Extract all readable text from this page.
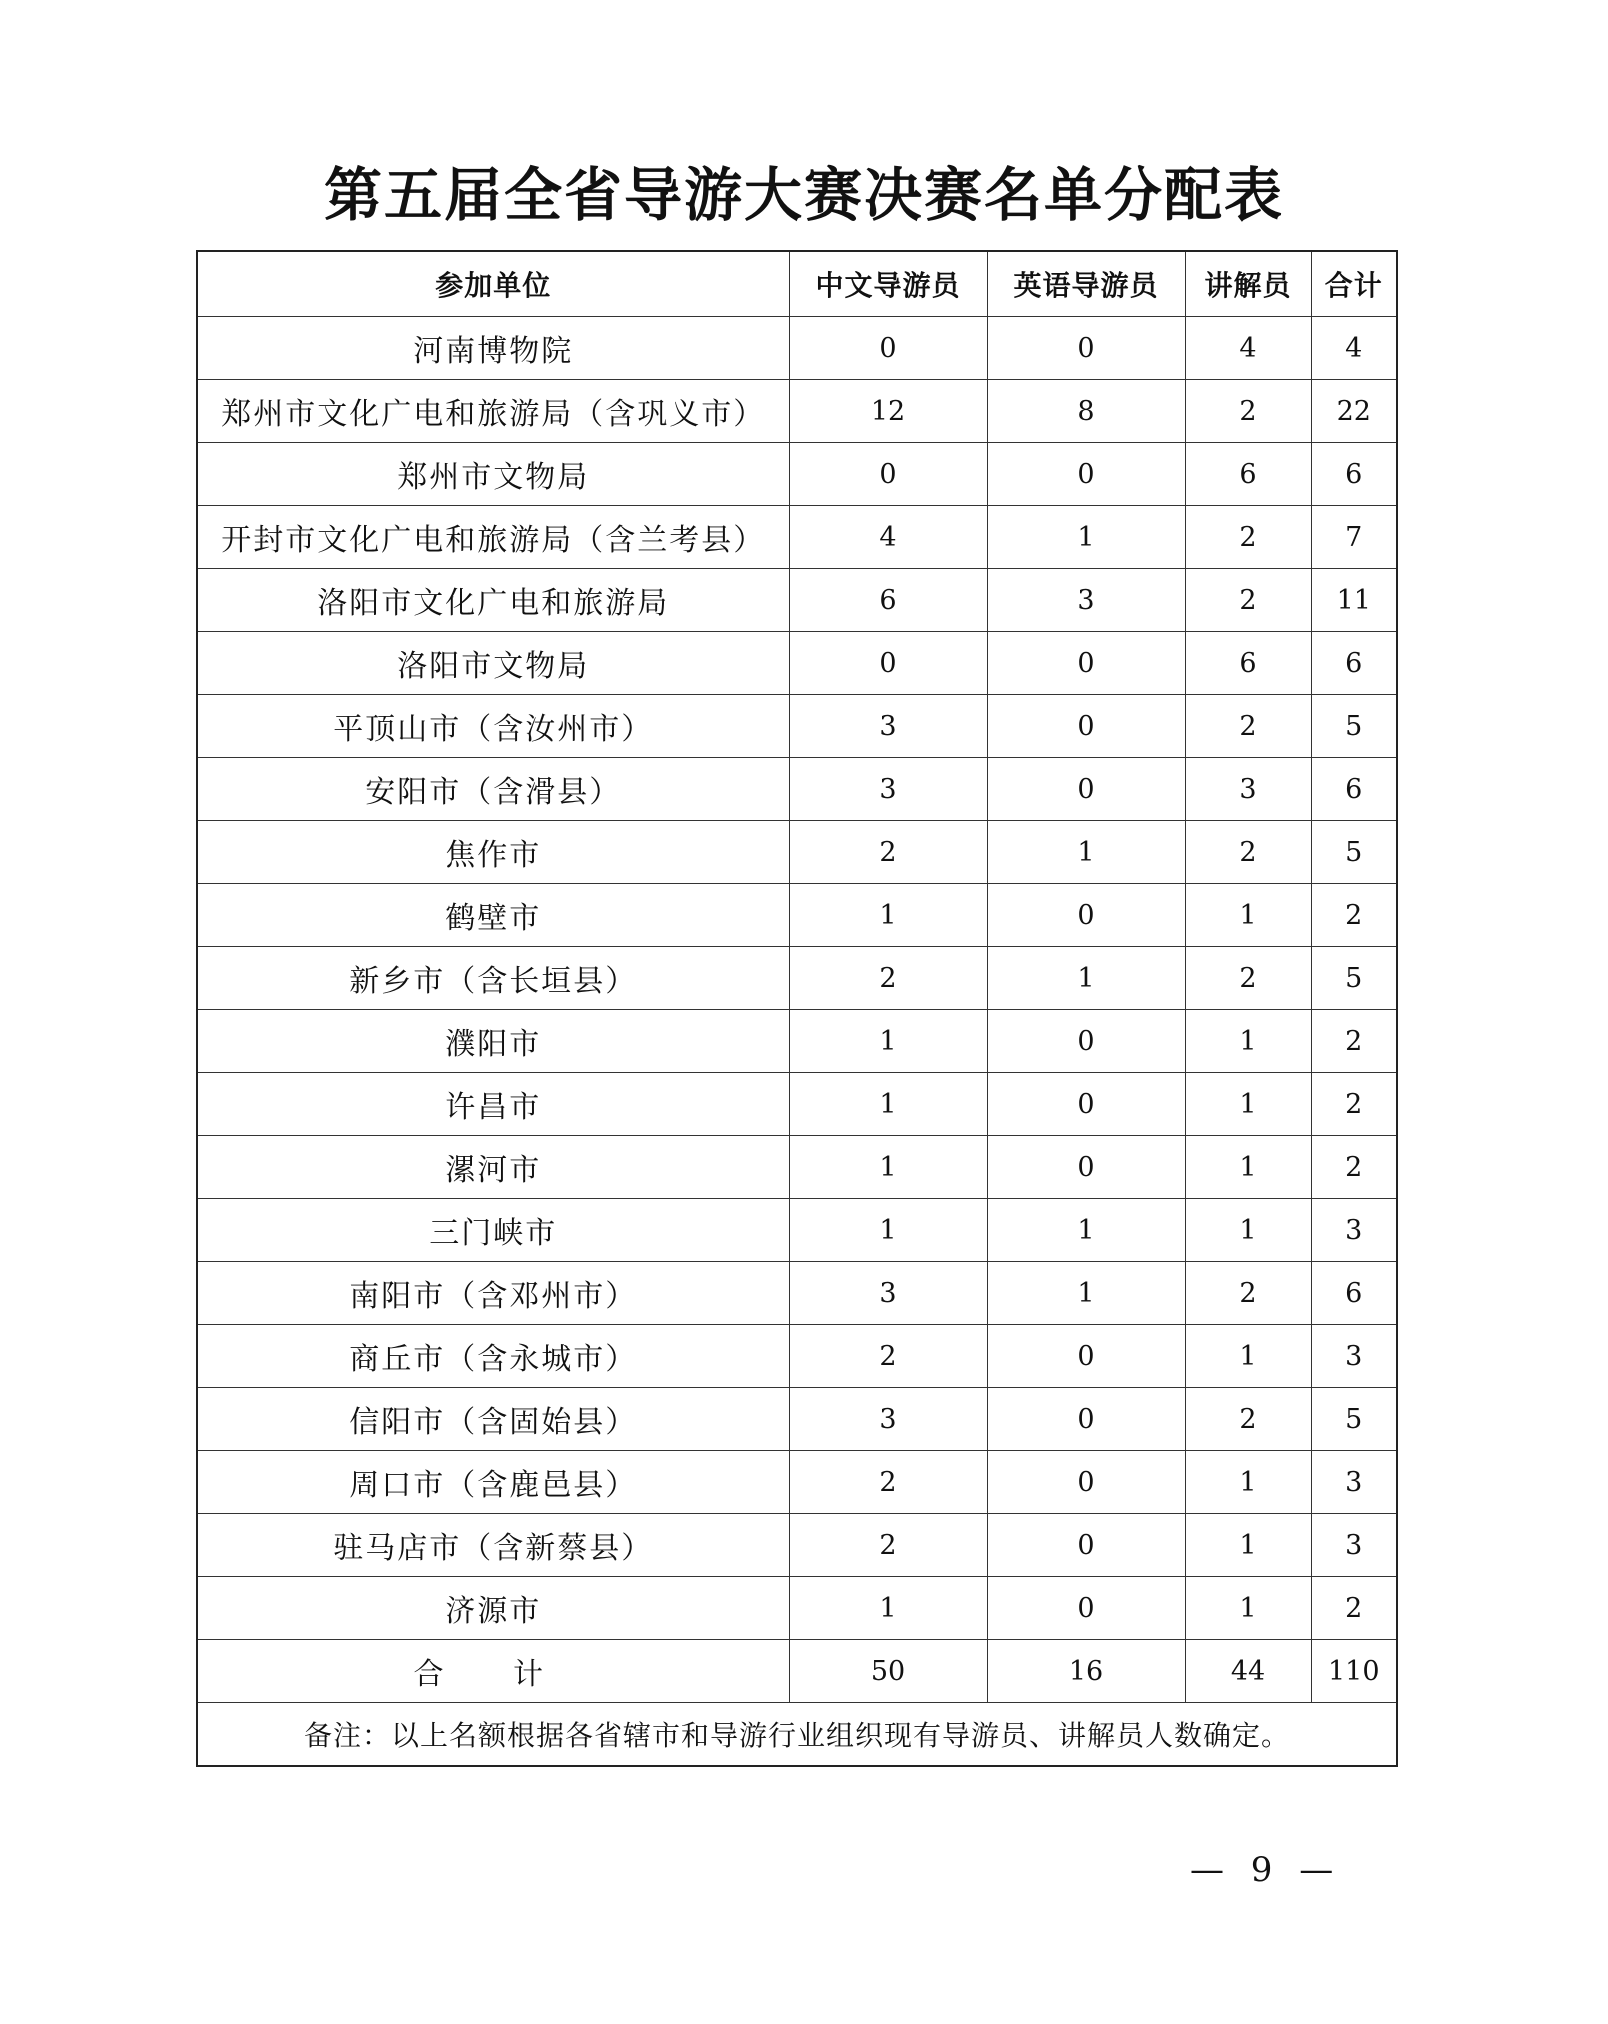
第五届全省导游大赛决赛名单分配表
参加单位	中文导游员	英语导游员	讲解员	合计
河南博物院	0	0	4	4
郑州市文化广电和旅游局（含巩义市）	12	8	2	22
郑州市文物局	0	0	6	6
开封市文化广电和旅游局（含兰考县）	4	1	2	7
洛阳市文化广电和旅游局	6	3	2	11
洛阳市文物局	0	0	6	6
平顶山市（含汝州市）	3	0	2	5
安阳市（含滑县）	3	0	3	6
焦作市	2	1	2	5
鹤壁市	1	0	1	2
新乡市（含长垣县）	2	1	2	5
濮阳市	1	0	1	2
许昌市	1	0	1	2
漯河市	1	0	1	2
三门峡市	1	1	1	3
南阳市（含邓州市）	3	1	2	6
商丘市（含永城市）	2	0	1	3
信阳市（含固始县）	3	0	2	5
周口市（含鹿邑县）	2	0	1	3
驻马店市（含新蔡县）	2	0	1	3
济源市	1	0	1	2
合 计	50	16	44	110
备注：以上名额根据各省辖市和导游行业组织现有导游员、讲解员人数确定。				
— 9 —
